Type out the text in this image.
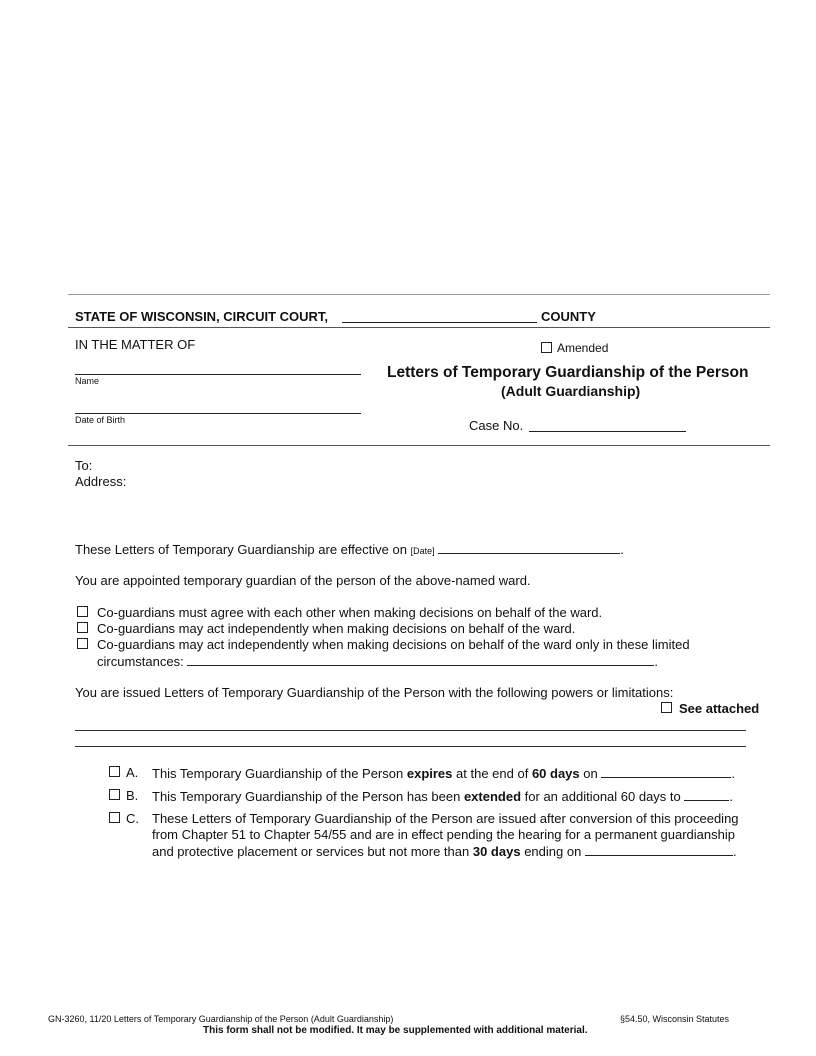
STATE OF WISCONSIN, CIRCUIT COURT,	COUNTY
IN THE MATTER OF
Name
Date of Birth
Amended
Letters of Temporary Guardianship of the Person
(Adult Guardianship)
Case No.
To:
Address:
These Letters of Temporary Guardianship are effective on [Date]	.
You are appointed temporary guardian of the person of the above-named ward.
Co-guardians must agree with each other when making decisions on behalf of the ward.
Co-guardians may act independently when making decisions on behalf of the ward.
Co-guardians may act independently when making decisions on behalf of the ward only in these limited
circumstances:	.
You are issued Letters of Temporary Guardianship of the Person with the following powers or limitations:
See attached
A. This Temporary Guardianship of the Person expires at the end of 60 days on	.
B. This Temporary Guardianship of the Person has been extended for an additional 60 days to	.
C. These Letters of Temporary Guardianship of the Person are issued after conversion of this proceeding
from Chapter 51 to Chapter 54/55 and are in effect pending the hearing for a permanent guardianship
and protective placement or services but not more than 30 days ending on	.
GN-3260, 11/20 Letters of Temporary Guardianship of the Person (Adult Guardianship)	§54.50, Wisconsin Statutes
This form shall not be modified. It may be supplemented with additional material.
